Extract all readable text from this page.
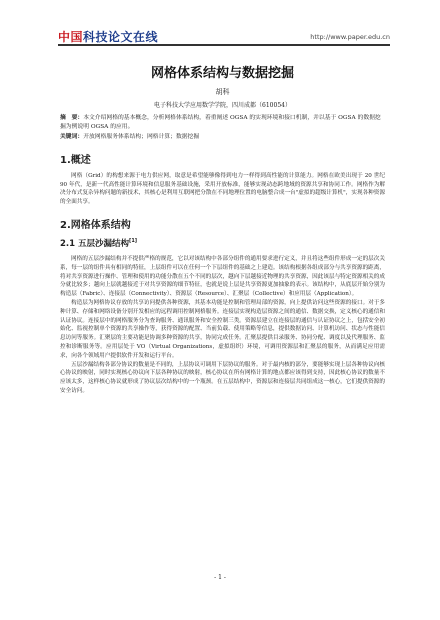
中国科技论文在线	http://www.paper.edu.cn
网格体系结构与数据挖掘
胡科
电子科技大学应用数学学院，四川成都（610054）
摘　要：本文介绍网格的基本概念，分析网格体系结构，着重阐述 OGSA 的实现环境和接口机制，并以基于 OGSA 的数据挖掘为例说明 OGSA 的应用。
关键词：开放网格服务体系结构；网格计算；数据挖掘
1.概述

网格（Grid）的构想来源于电力供应网，取意是希望能够像得到电力一样得到高性能的计算能力。网格在欧美出现于 20 世纪 90 年代，是新一代高性能计算环境和信息服务基础设施，采用开放标准，能够实现动态跨地域的资源共享和协同工作。网格作为解决分布式复杂异构问题的新技术，其核心是利用互联网把分散在不同地理位置的电脑整合成一台"虚拟的超级计算机"，实现各种资源的全面共享。

2.网格体系结构
2.1 五层沙漏结构[1]

网格的五层沙漏结构并不提供严格的规范，它以对该结构中各部分组件的通用要求进行定义，并且将这些组件形成一定的层次关系，每一层的组件具有相同的特征，上层组件可以在任何一个下层组件的基础之上建造。该结构根据各组成部分与共享资源的距离，将对共享资源进行操作、管理和使用的功能分散在五个不同的层次，越向下层越接近物理的共享资源，因此该层与特定资源相关的成分就比较多；越向上层就越接近于对共享资源的细节特征，也就是说上层是共享资源更加抽象的表示。该结构中，从底层开始分别为构造层（Fabric）、连接层（Connectivity）、资源层（Resource）、汇聚层（Collective）和应用层（Application）。

构造层为网格协议存放的共享访问提供各种资源，其基本功能是控制和管理局部的资源，向上提供访问这些资源的接口。对于多种计算、存储和网络设备分别开发相应的远程调用控制网格服务。连接层实现构造层资源之间的通信、数据交换，定义核心的通信和认证协议。连接层中的网格服务分为查询服务、通讯服务和安全控制三类。资源层建立在连接层的通信与认证协议之上，包括安全初始化、监视控制单个资源的共享操作等，获得资源的配置、当前负载、使用策略等信息，提供数据访问、计算机访问、状态与性能信息访问等服务。汇聚层的主要功能是协调多种资源的共享，协同完成任务。汇聚层提供目录服务、协同分配、调度以及代理服务、监控和诊断服务等。应用层处于 VO（Virtual Organizations，虚拟组织）环境，可调用资源层和汇聚层的服务，从而满足应用需求，向各个领域用户提供软件开发和运行平台。

五层沙漏结构各部分协议的数量是不同的，上层协议可调用下层协议的服务。对于最内核的部分，要能够实现上层各种协议向核心协议的映射，同时实现核心协议向下层各种协议的映射，核心协议在所有网格计算的地点都应该得到支持，因此核心协议的数量不应该太多，这样核心协议就形成了协议层次结构中的一个瓶颈。在五层结构中，资源层和连接层共同组成这一核心，它们提供资源的安全访问。

- 1 -
